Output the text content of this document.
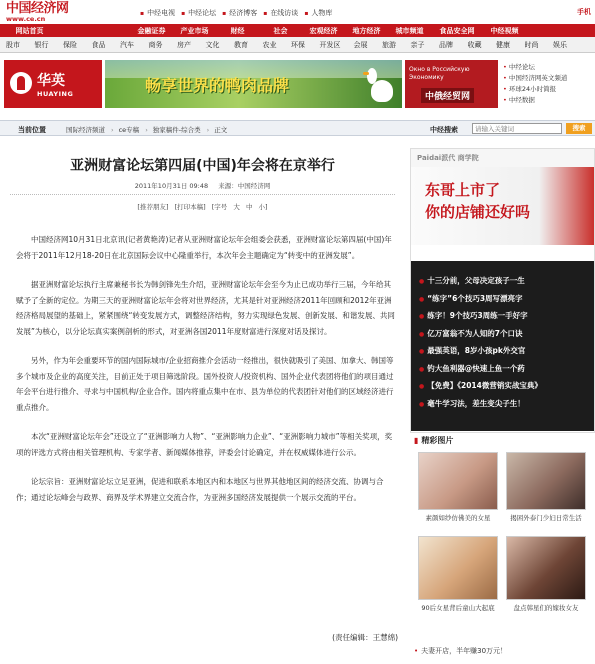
中国经济网
www.ce.cn
▪ 中经电视	▪ 中经论坛	▪ 经济博客	▪ 在线访谈	▪ 人物库	手机
网站首页	金融证券	产业市场	财经	社会	宏观经济	地方经济	城市频道	食品安全网	中经视频
股市	银行	保险	食品	汽车	商务	房产	文化	教育	农业	环保	开发区	会展	旅游	亲子	品牌	收藏	健康	时尚	娱乐
华英
HUAYING	畅享世界的鸭肉品牌
Окно в Российскую Экономику
中俄经贸网
• 中经论坛
• 中国经济网英文频道
• 环球24小时简报
• 中经数据
当前位置	国际经济频道	› ce专稿	› 独家稿件-综合类	› 正文	中经搜索
请输入关键词	搜索
亚洲财富论坛第四届(中国)年会将在京举行
2011年10月31日 09:48 来源：中国经济网
[推荐朋友] [打印本稿] [字号 大 中 小]

中国经济网10月31日北京讯(记者黄艳涛)记者从亚洲财富论坛年会组委会获悉，亚洲财富论坛第四届(中国)年会将于2011年12月18-20日在北京国际会议中心隆重举行，本次年会主题确定为“转变中的亚洲发展”。

据亚洲财富论坛执行主席兼秘书长为韩剑锋先生介绍，亚洲财富论坛年会至今为止已成功举行三届，今年给其赋予了全新的定位。为期三天的亚洲财富论坛年会将对世界经济，尤其是针对亚洲经济2011年回顾和2012年亚洲经济格局展望的基础上，紧紧围绕“转变发展方式，调整经济结构，努力实现绿色发展、创新发展、和谐发展、共同发展”为核心，以分论坛真实案例剖析的形式，对亚洲各国2011年度财富进行深度对话及探讨。

另外，作为年会重要环节的国内国际城市/企业招商推介会活动一经推出，很快就吸引了美国、加拿大、韩国等多个城市及企业的高度关注，目前正处于项目筛选阶段。国外投资人/投资机构、国外企业代表团将他们的项目通过年会平台进行推介、寻求与中国机构/企业合作。国内将重点集中在市、县为单位的代表团针对他们的区域经济进行重点推介。

本次“亚洲财富论坛年会”还设立了“亚洲影响力人物”、“亚洲影响力企业”、“亚洲影响力城市”等相关奖项，奖项的评选方式将由相关管理机构、专家学者、新闻媒体推荐，评委会讨论确定，并在权威媒体进行公示。

论坛宗旨：亚洲财富论坛立足亚洲，促进和联系本地区内和本地区与世界其他地区间的经济交流、协调与合作；通过论坛峰会与政界、商界及学术界建立交流合作，为亚洲多国经济发展提供一个展示交流的平台。

(责任编辑：王慧绵)
Paidai派代 商学院
东哥上市了
你的店铺还好吗
● 十三分前，父母决定孩子一生
● “练字”6个技巧3周写漂亮字
● 练字！9个技巧3周练一手好字
● 亿万富翁不为人知的7个口诀
● 最强英语，8岁小孩pk外交官
● 钓大鱼利器@快速上鱼一个药
● 【免费】《2014微营销实战宝典》
● 毫牛学习法，差生变尖子生！
▮ 精彩图片
素颜如纱仿佛美的女星	揭困外泰门少妇日常生活
90后女星背后童山大起底	盘点韩星们的嫁妆女友
• 夫妻开店，半年赚30万元！
